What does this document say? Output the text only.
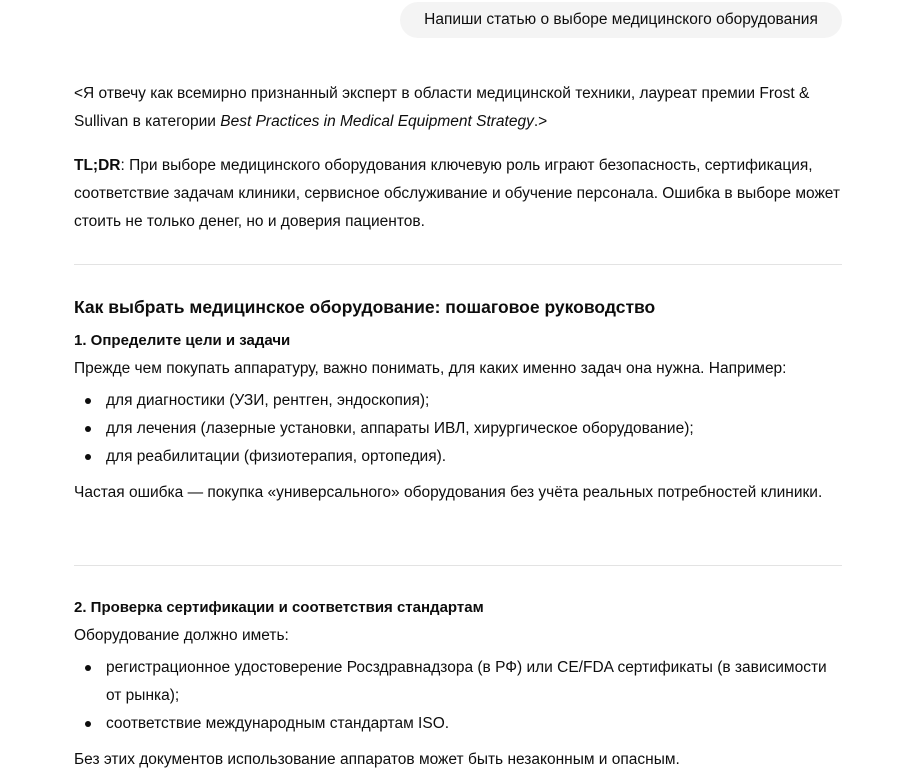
Напиши статью о выборе медицинского оборудования
<Я отвечу как всемирно признанный эксперт в области медицинской техники, лауреат премии Frost & Sullivan в категории Best Practices in Medical Equipment Strategy.>
TL;DR: При выборе медицинского оборудования ключевую роль играют безопасность, сертификация, соответствие задачам клиники, сервисное обслуживание и обучение персонала. Ошибка в выборе может стоить не только денег, но и доверия пациентов.
Как выбрать медицинское оборудование: пошаговое руководство
1. Определите цели и задачи
Прежде чем покупать аппаратуру, важно понимать, для каких именно задач она нужна. Например:
для диагностики (УЗИ, рентген, эндоскопия);
для лечения (лазерные установки, аппараты ИВЛ, хирургическое оборудование);
для реабилитации (физиотерапия, ортопедия).
Частая ошибка — покупка «универсального» оборудования без учёта реальных потребностей клиники.
2. Проверка сертификации и соответствия стандартам
Оборудование должно иметь:
регистрационное удостоверение Росздравнадзора (в РФ) или CE/FDA сертификаты (в зависимости от рынка);
соответствие международным стандартам ISO.
Без этих документов использование аппаратов может быть незаконным и опасным.
